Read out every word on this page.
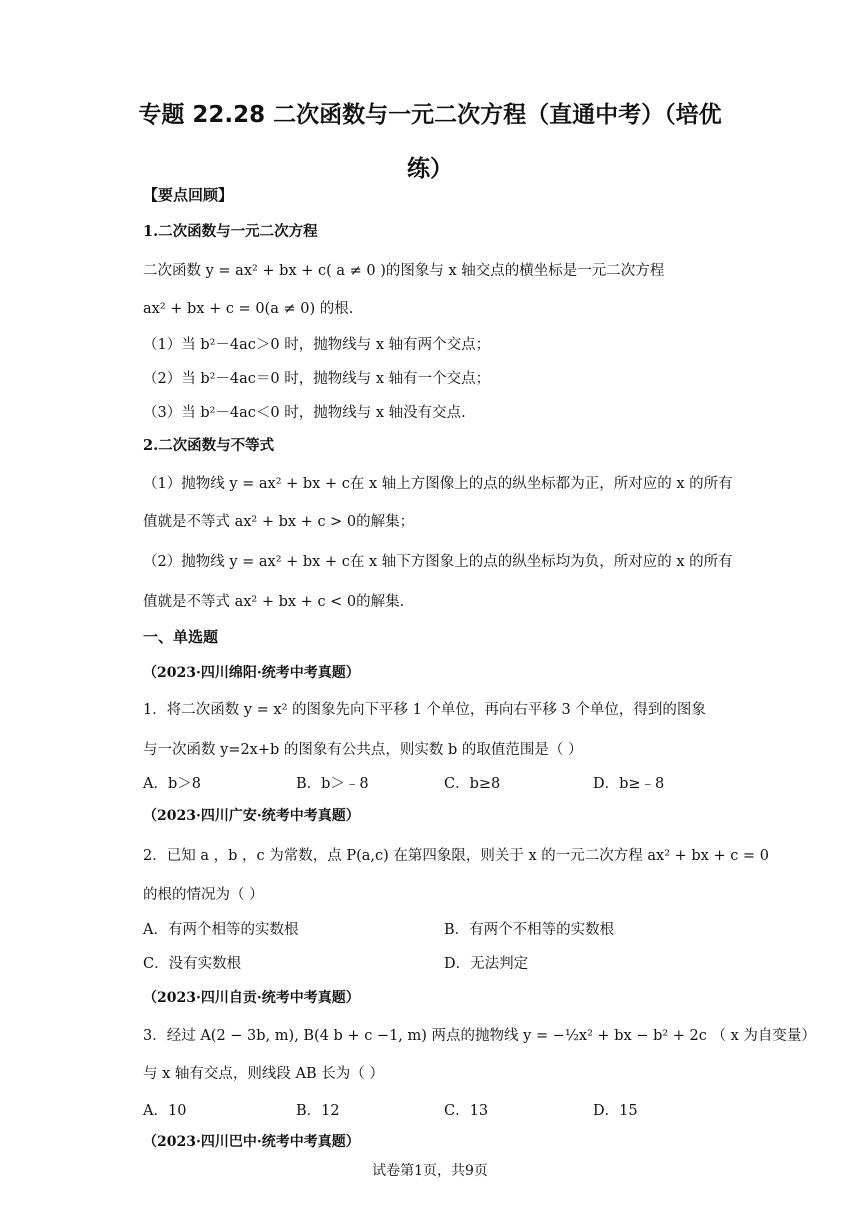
专题 22.28 二次函数与一元二次方程（直通中考）（培优
练）
【要点回顾】
1.二次函数与一元二次方程
二次函数 y = ax² + bx + c( a ≠ 0 )的图象与 x 轴交点的横坐标是一元二次方程
ax² + bx + c = 0(a ≠ 0) 的根.
（1）当 b²－4ac＞0 时，抛物线与 x 轴有两个交点；
（2）当 b²－4ac＝0 时，抛物线与 x 轴有一个交点；
（3）当 b²－4ac＜0 时，抛物线与 x 轴没有交点.
2.二次函数与不等式
（1）抛物线 y = ax² + bx + c在 x 轴上方图像上的点的纵坐标都为正，所对应的 x 的所有
值就是不等式 ax² + bx + c > 0的解集；
（2）抛物线 y = ax² + bx + c在 x 轴下方图象上的点的纵坐标均为负，所对应的 x 的所有
值就是不等式 ax² + bx + c < 0的解集.
一、单选题
（2023·四川绵阳·统考中考真题）
1．将二次函数 y = x² 的图象先向下平移 1 个单位，再向右平移 3 个单位，得到的图象
与一次函数 y=2x+b 的图象有公共点，则实数 b 的取值范围是（ ）
A．b＞8	B．b＞﹣8	C．b≥8	D．b≥﹣8
（2023·四川广安·统考中考真题）
2．已知 a ，b ，c 为常数，点 P(a,c) 在第四象限，则关于 x 的一元二次方程 ax² + bx + c = 0
的根的情况为（ ）
A．有两个相等的实数根	B．有两个不相等的实数根
C．没有实数根	D．无法判定
（2023·四川自贡·统考中考真题）
3．经过 A(2 − 3b, m), B(4 b + c −1, m) 两点的抛物线 y = −½x² + bx − b² + 2c （ x 为自变量）
与 x 轴有交点，则线段 AB 长为（ ）
A．10	B．12	C．13	D．15
（2023·四川巴中·统考中考真题）
试卷第1页，共9页
